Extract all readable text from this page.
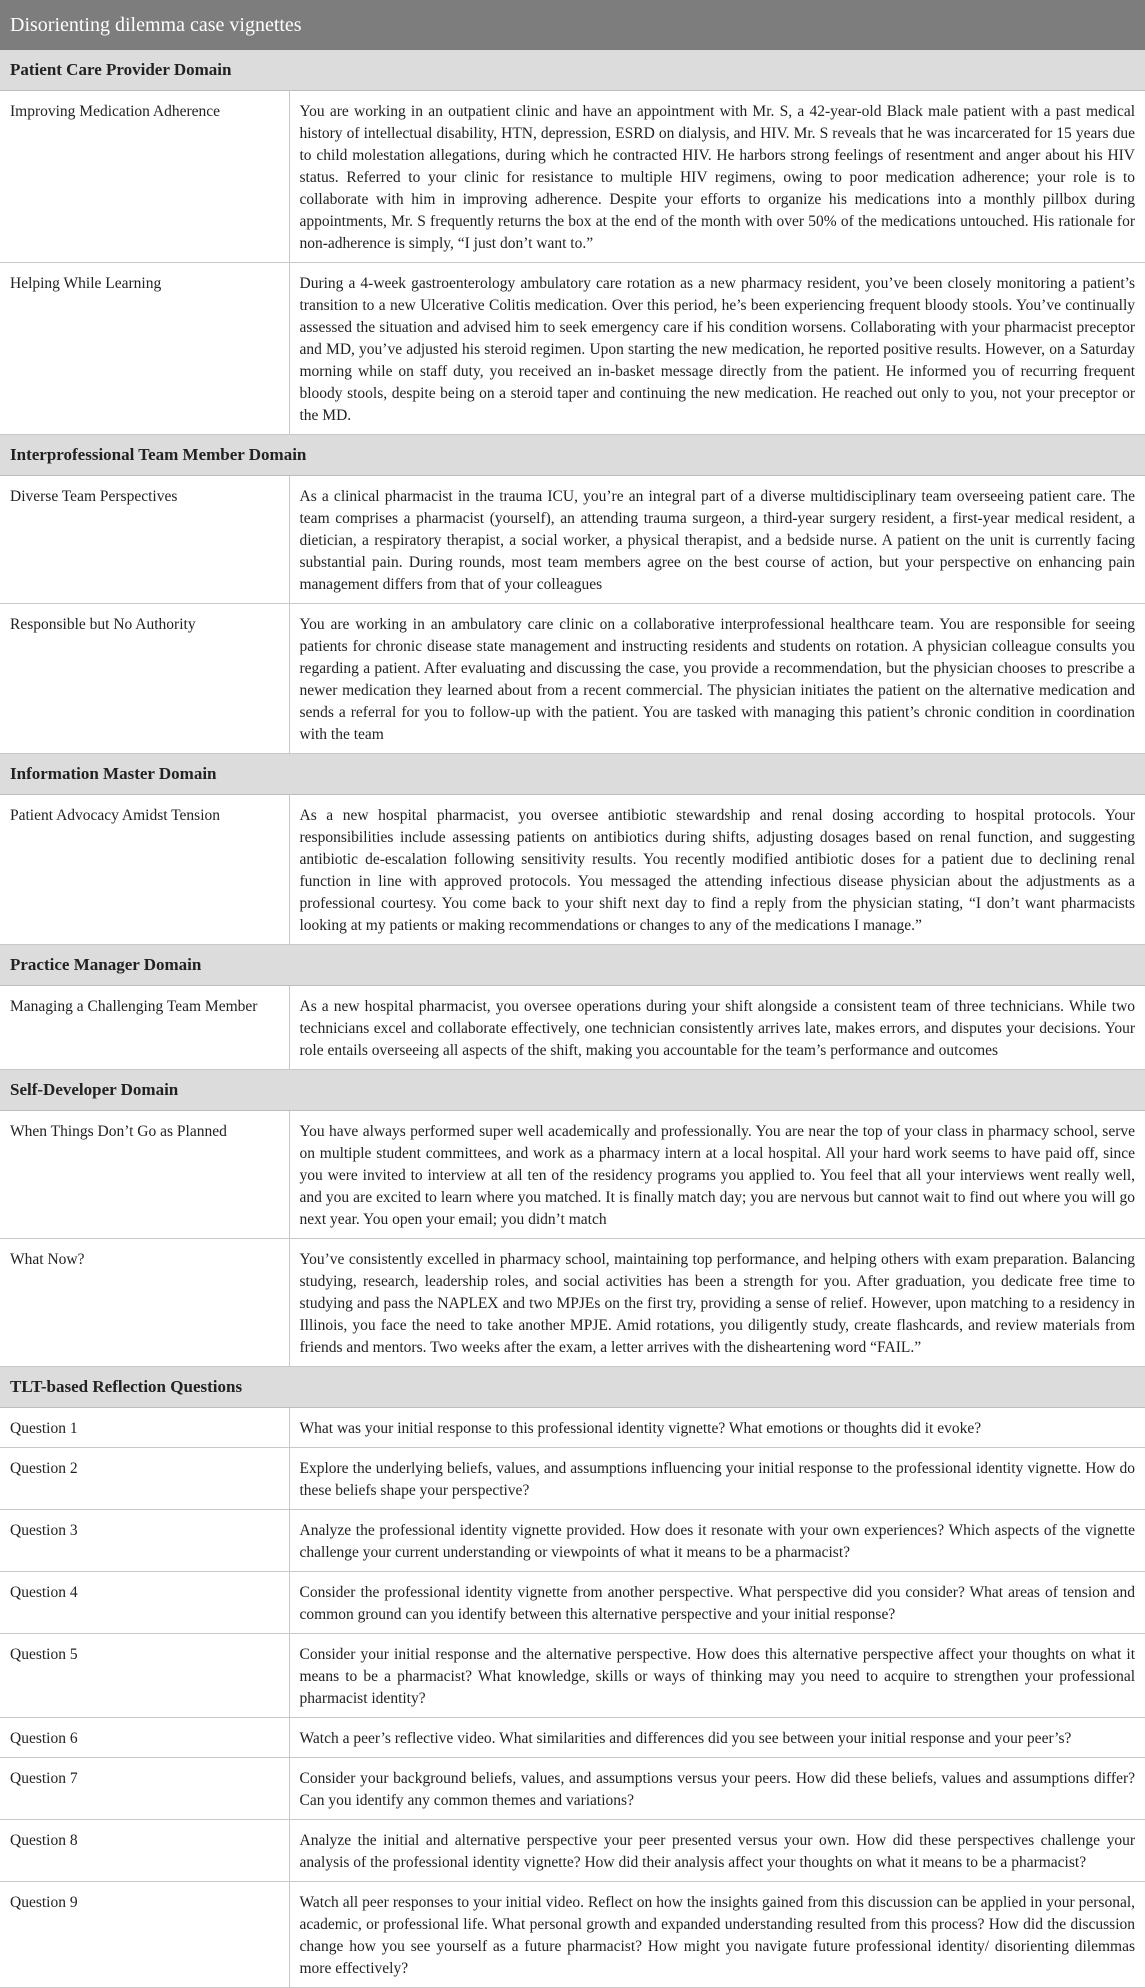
Disorienting dilemma case vignettes
Patient Care Provider Domain	
Improving Medication Adherence	You are working in an outpatient clinic and have an appointment with Mr. S, a 42-year-old Black male patient with a past medical history of intellectual disability, HTN, depression, ESRD on dialysis, and HIV. Mr. S reveals that he was incarcerated for 15 years due to child molestation allegations, during which he contracted HIV. He harbors strong feelings of resentment and anger about his HIV status. Referred to your clinic for resistance to multiple HIV regimens, owing to poor medication adherence; your role is to collaborate with him in improving adherence. Despite your efforts to organize his medications into a monthly pillbox during appointments, Mr. S frequently returns the box at the end of the month with over 50% of the medications untouched. His rationale for non-adherence is simply, “I just don’t want to.”
Helping While Learning	During a 4-week gastroenterology ambulatory care rotation as a new pharmacy resident, you’ve been closely monitoring a patient’s transition to a new Ulcerative Colitis medication. Over this period, he’s been experiencing frequent bloody stools. You’ve continually assessed the situation and advised him to seek emergency care if his condition worsens. Collaborating with your pharmacist preceptor and MD, you’ve adjusted his steroid regimen. Upon starting the new medication, he reported positive results. However, on a Saturday morning while on staff duty, you received an in-basket message directly from the patient. He informed you of recurring frequent bloody stools, despite being on a steroid taper and continuing the new medication. He reached out only to you, not your preceptor or the MD.
Interprofessional Team Member Domain	
Diverse Team Perspectives	As a clinical pharmacist in the trauma ICU, you’re an integral part of a diverse multidisciplinary team overseeing patient care. The team comprises a pharmacist (yourself), an attending trauma surgeon, a third-year surgery resident, a first-year medical resident, a dietician, a respiratory therapist, a social worker, a physical therapist, and a bedside nurse. A patient on the unit is currently facing substantial pain. During rounds, most team members agree on the best course of action, but your perspective on enhancing pain management differs from that of your colleagues
Responsible but No Authority	You are working in an ambulatory care clinic on a collaborative interprofessional healthcare team. You are responsible for seeing patients for chronic disease state management and instructing residents and students on rotation. A physician colleague consults you regarding a patient. After evaluating and discussing the case, you provide a recommendation, but the physician chooses to prescribe a newer medication they learned about from a recent commercial. The physician initiates the patient on the alternative medication and sends a referral for you to follow-up with the patient. You are tasked with managing this patient’s chronic condition in coordination with the team
Information Master Domain	
Patient Advocacy Amidst Tension	As a new hospital pharmacist, you oversee antibiotic stewardship and renal dosing according to hospital protocols. Your responsibilities include assessing patients on antibiotics during shifts, adjusting dosages based on renal function, and suggesting antibiotic de-escalation following sensitivity results. You recently modified antibiotic doses for a patient due to declining renal function in line with approved protocols. You messaged the attending infectious disease physician about the adjustments as a professional courtesy. You come back to your shift next day to find a reply from the physician stating, “I don’t want pharmacists looking at my patients or making recommendations or changes to any of the medications I manage.”
Practice Manager Domain	
Managing a Challenging Team Member	As a new hospital pharmacist, you oversee operations during your shift alongside a consistent team of three technicians. While two technicians excel and collaborate effectively, one technician consistently arrives late, makes errors, and disputes your decisions. Your role entails overseeing all aspects of the shift, making you accountable for the team’s performance and outcomes
Self-Developer Domain	
When Things Don’t Go as Planned	You have always performed super well academically and professionally. You are near the top of your class in pharmacy school, serve on multiple student committees, and work as a pharmacy intern at a local hospital. All your hard work seems to have paid off, since you were invited to interview at all ten of the residency programs you applied to. You feel that all your interviews went really well, and you are excited to learn where you matched. It is finally match day; you are nervous but cannot wait to find out where you will go next year. You open your email; you didn’t match
What Now?	You’ve consistently excelled in pharmacy school, maintaining top performance, and helping others with exam preparation. Balancing studying, research, leadership roles, and social activities has been a strength for you. After graduation, you dedicate free time to studying and pass the NAPLEX and two MPJEs on the first try, providing a sense of relief. However, upon matching to a residency in Illinois, you face the need to take another MPJE. Amid rotations, you diligently study, create flashcards, and review materials from friends and mentors. Two weeks after the exam, a letter arrives with the disheartening word “FAIL.”
TLT-based Reflection Questions	
Question 1	What was your initial response to this professional identity vignette? What emotions or thoughts did it evoke?
Question 2	Explore the underlying beliefs, values, and assumptions influencing your initial response to the professional identity vignette. How do these beliefs shape your perspective?
Question 3	Analyze the professional identity vignette provided. How does it resonate with your own experiences? Which aspects of the vignette challenge your current understanding or viewpoints of what it means to be a pharmacist?
Question 4	Consider the professional identity vignette from another perspective. What perspective did you consider? What areas of tension and common ground can you identify between this alternative perspective and your initial response?
Question 5	Consider your initial response and the alternative perspective. How does this alternative perspective affect your thoughts on what it means to be a pharmacist? What knowledge, skills or ways of thinking may you need to acquire to strengthen your professional pharmacist identity?
Question 6	Watch a peer’s reflective video. What similarities and differences did you see between your initial response and your peer’s?
Question 7	Consider your background beliefs, values, and assumptions versus your peers. How did these beliefs, values and assumptions differ? Can you identify any common themes and variations?
Question 8	Analyze the initial and alternative perspective your peer presented versus your own. How did these perspectives challenge your analysis of the professional identity vignette? How did their analysis affect your thoughts on what it means to be a pharmacist?
Question 9	Watch all peer responses to your initial video. Reflect on how the insights gained from this discussion can be applied in your personal, academic, or professional life. What personal growth and expanded understanding resulted from this process? How did the discussion change how you see yourself as a future pharmacist? How might you navigate future professional identity/ disorienting dilemmas more effectively?
